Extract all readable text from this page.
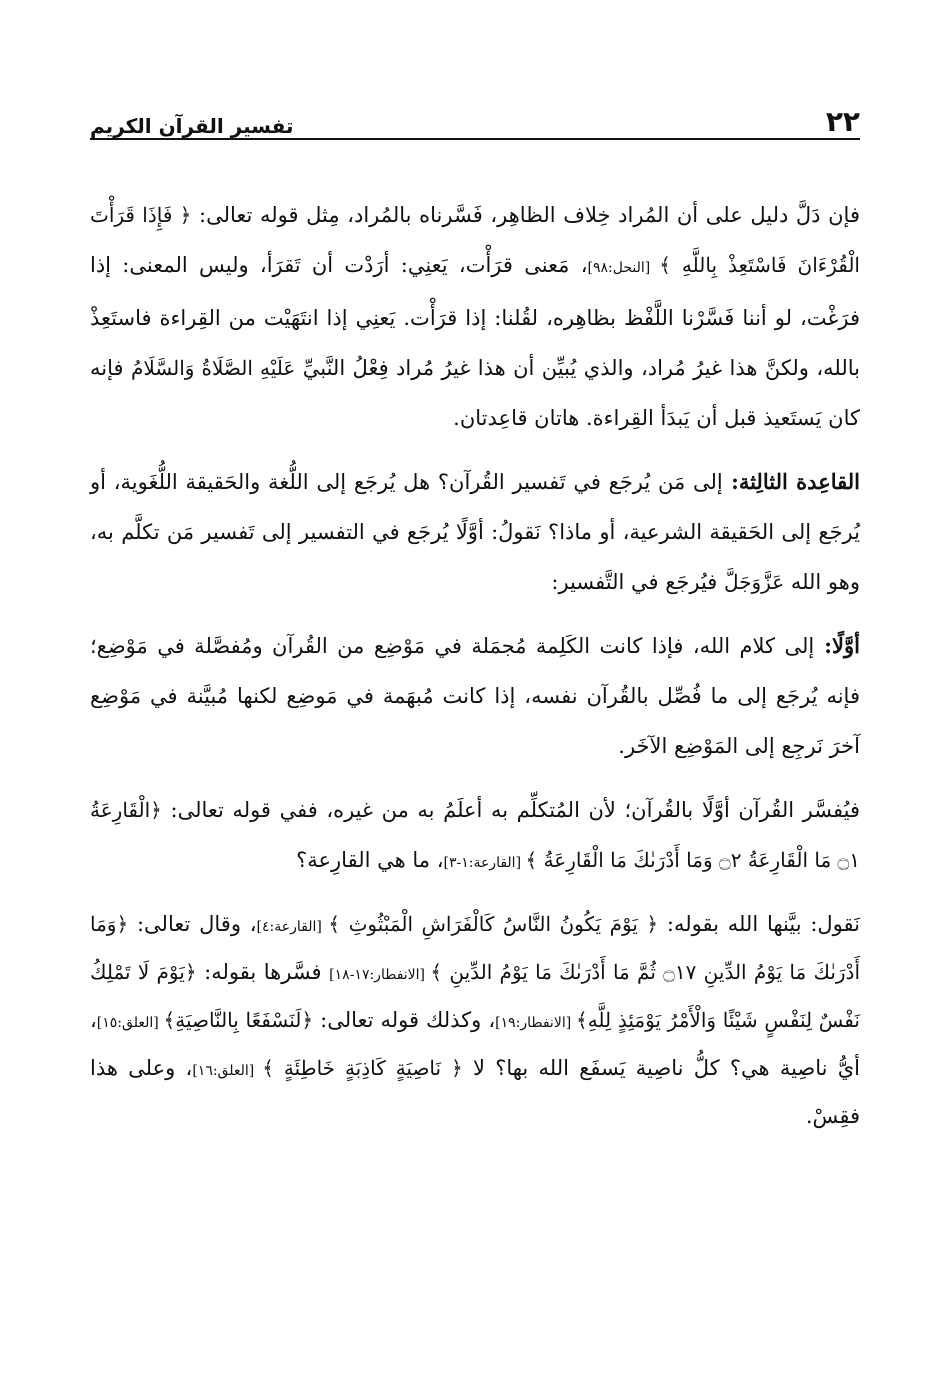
٢٢
تفسير القرآن الكريم

فإن دَلَّ دليل على أن المُراد خِلاف الظاهِر، فَسَّرناه بالمُراد، مِثل قوله تعالى: ﴿ فَإِذَا قَرَأْتَ الْقُرْءَانَ فَاسْتَعِذْ بِاللَّهِ ﴾ [النحل:٩٨]، مَعنى قرَأْت، يَعنِي: أرَدْت أن تَقرَأ، وليس المعنى: إذا فرَغْت، لو أننا فَسَّرْنا اللَّفْظ بظاهِره، لقُلنا: إذا قرَأْت. يَعنِي إذا انتَهَيْت من القِراءة فاستَعِذْ بالله، ولكنَّ هذا غيرُ مُراد، والذي يُبيِّن أن هذا غيرُ مُراد فِعْلُ النَّبيِّ عَلَيْهِ الصَّلَاةُ وَالسَّلَامُ فإنه كان يَستَعيذ قبل أن يَبدَأ القِراءة. هاتان قاعِدتان.

القاعِدة الثالِثة: إلى مَن يُرجَع في تَفسير القُرآن؟ هل يُرجَع إلى اللُّغة والحَقيقة اللُّغَوية، أو يُرجَع إلى الحَقيقة الشرعية، أو ماذا؟ نَقولُ: أوَّلًا يُرجَع في التفسير إلى تَفسير مَن تكلَّم به، وهو الله عَزَّوَجَلَّ فيُرجَع في التَّفسير:

أوَّلًا: إلى كلام الله، فإذا كانت الكَلِمة مُجمَلة في مَوْضِع من القُرآن ومُفصَّلة في مَوْضِع؛ فإنه يُرجَع إلى ما فُصِّل بالقُرآن نفسه، إذا كانت مُبهَمة في مَوضِع لكنها مُبيَّنة في مَوْضِع آخرَ نَرجِع إلى المَوْضِع الآخَر.

فيُفسَّر القُرآن أوَّلًا بالقُرآن؛ لأن المُتكلِّم به أعلَمُ به من غيره، ففي قوله تعالى: ﴿الْقَارِعَةُ ۝١ مَا الْقَارِعَةُ ۝٢ وَمَا أَدْرَىٰكَ مَا الْقَارِعَةُ ﴾ [القارعة:١-٣]، ما هي القارِعة؟

نَقول: بيَّنها الله بقوله: ﴿ يَوْمَ يَكُونُ النَّاسُ كَالْفَرَاشِ الْمَبْثُوثِ ﴾ [القارعة:٤]، وقال تعالى: ﴿وَمَا أَدْرَىٰكَ مَا يَوْمُ الدِّينِ ۝١٧ ثُمَّ مَا أَدْرَىٰكَ مَا يَوْمُ الدِّينِ ﴾ [الانفطار:١٧-١٨] فسَّرها بقوله: ﴿يَوْمَ لَا تَمْلِكُ نَفْسٌ لِنَفْسٍ شَيْئًا وَالْأَمْرُ يَوْمَئِذٍ لِلَّهِ﴾ [الانفطار:١٩]، وكذلك قوله تعالى: ﴿لَنَسْفَعًا بِالنَّاصِيَةِ﴾ [العلق:١٥]، أيُّ ناصِية هي؟ كلُّ ناصِية يَسفَع الله بها؟ لا ﴿ نَاصِيَةٍ كَاذِبَةٍ خَاطِئَةٍ ﴾ [العلق:١٦]، وعلى هذا فقِسْ.
